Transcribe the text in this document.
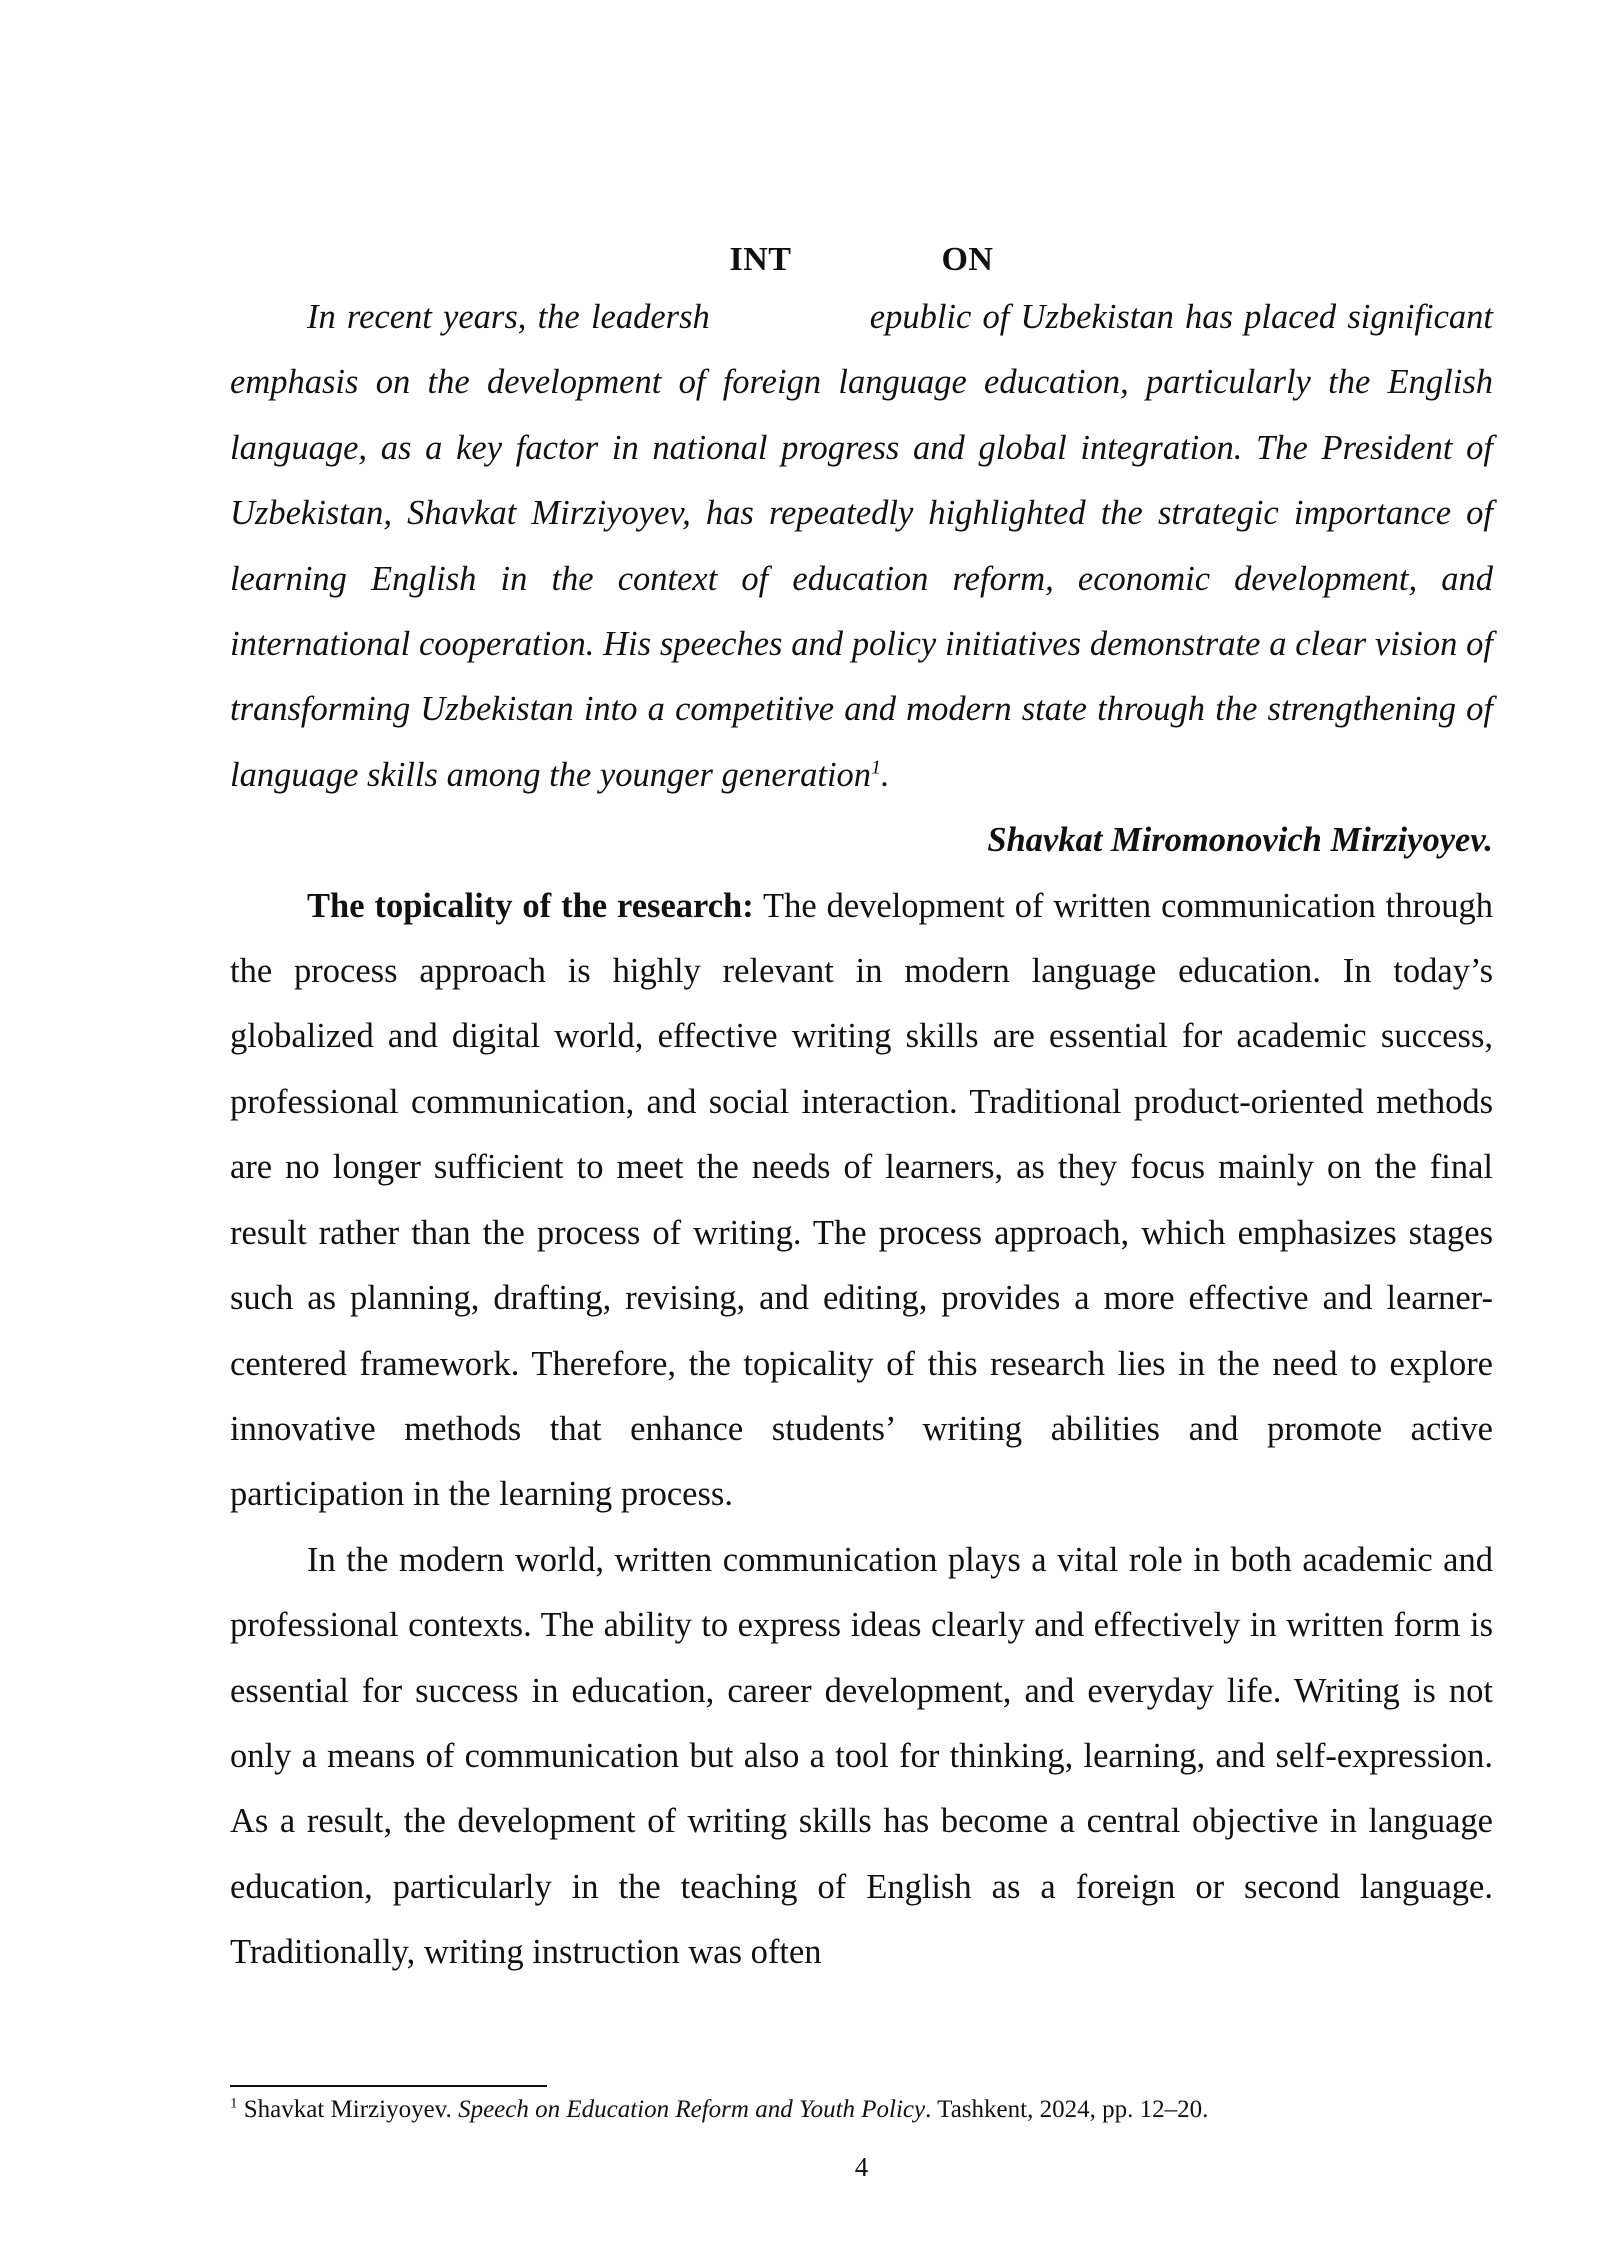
INT	ON

In recent years, the leadersh	epublic of Uzbekistan has placed significant emphasis on the development of foreign language education, particularly the English language, as a key factor in national progress and global integration. The President of Uzbekistan, Shavkat Mirziyoyev, has repeatedly highlighted the strategic importance of learning English in the context of education reform, economic development, and international cooperation. His speeches and policy initiatives demonstrate a clear vision of transforming Uzbekistan into a competitive and modern state through the strengthening of language skills among the younger generation$^1$.

Shavkat Miromonovich Mirziyoyev.

The topicality of the research: The development of written communication through the process approach is highly relevant in modern language education. In today’s globalized and digital world, effective writing skills are essential for academic success, professional communication, and social interaction. Traditional product-oriented methods are no longer sufficient to meet the needs of learners, as they focus mainly on the final result rather than the process of writing. The process approach, which emphasizes stages such as planning, drafting, revising, and editing, provides a more effective and learner-centered framework. Therefore, the topicality of this research lies in the need to explore innovative methods that enhance students’ writing abilities and promote active participation in the learning process.

In the modern world, written communication plays a vital role in both academic and professional contexts. The ability to express ideas clearly and effectively in written form is essential for success in education, career development, and everyday life. Writing is not only a means of communication but also a tool for thinking, learning, and self-expression. As a result, the development of writing skills has become a central objective in language education, particularly in the teaching of English as a foreign or second language. Traditionally, writing instruction was often

$^1$ Shavkat Mirziyoyev. Speech on Education Reform and Youth Policy. Tashkent, 2024, pp. 12–20.
4
